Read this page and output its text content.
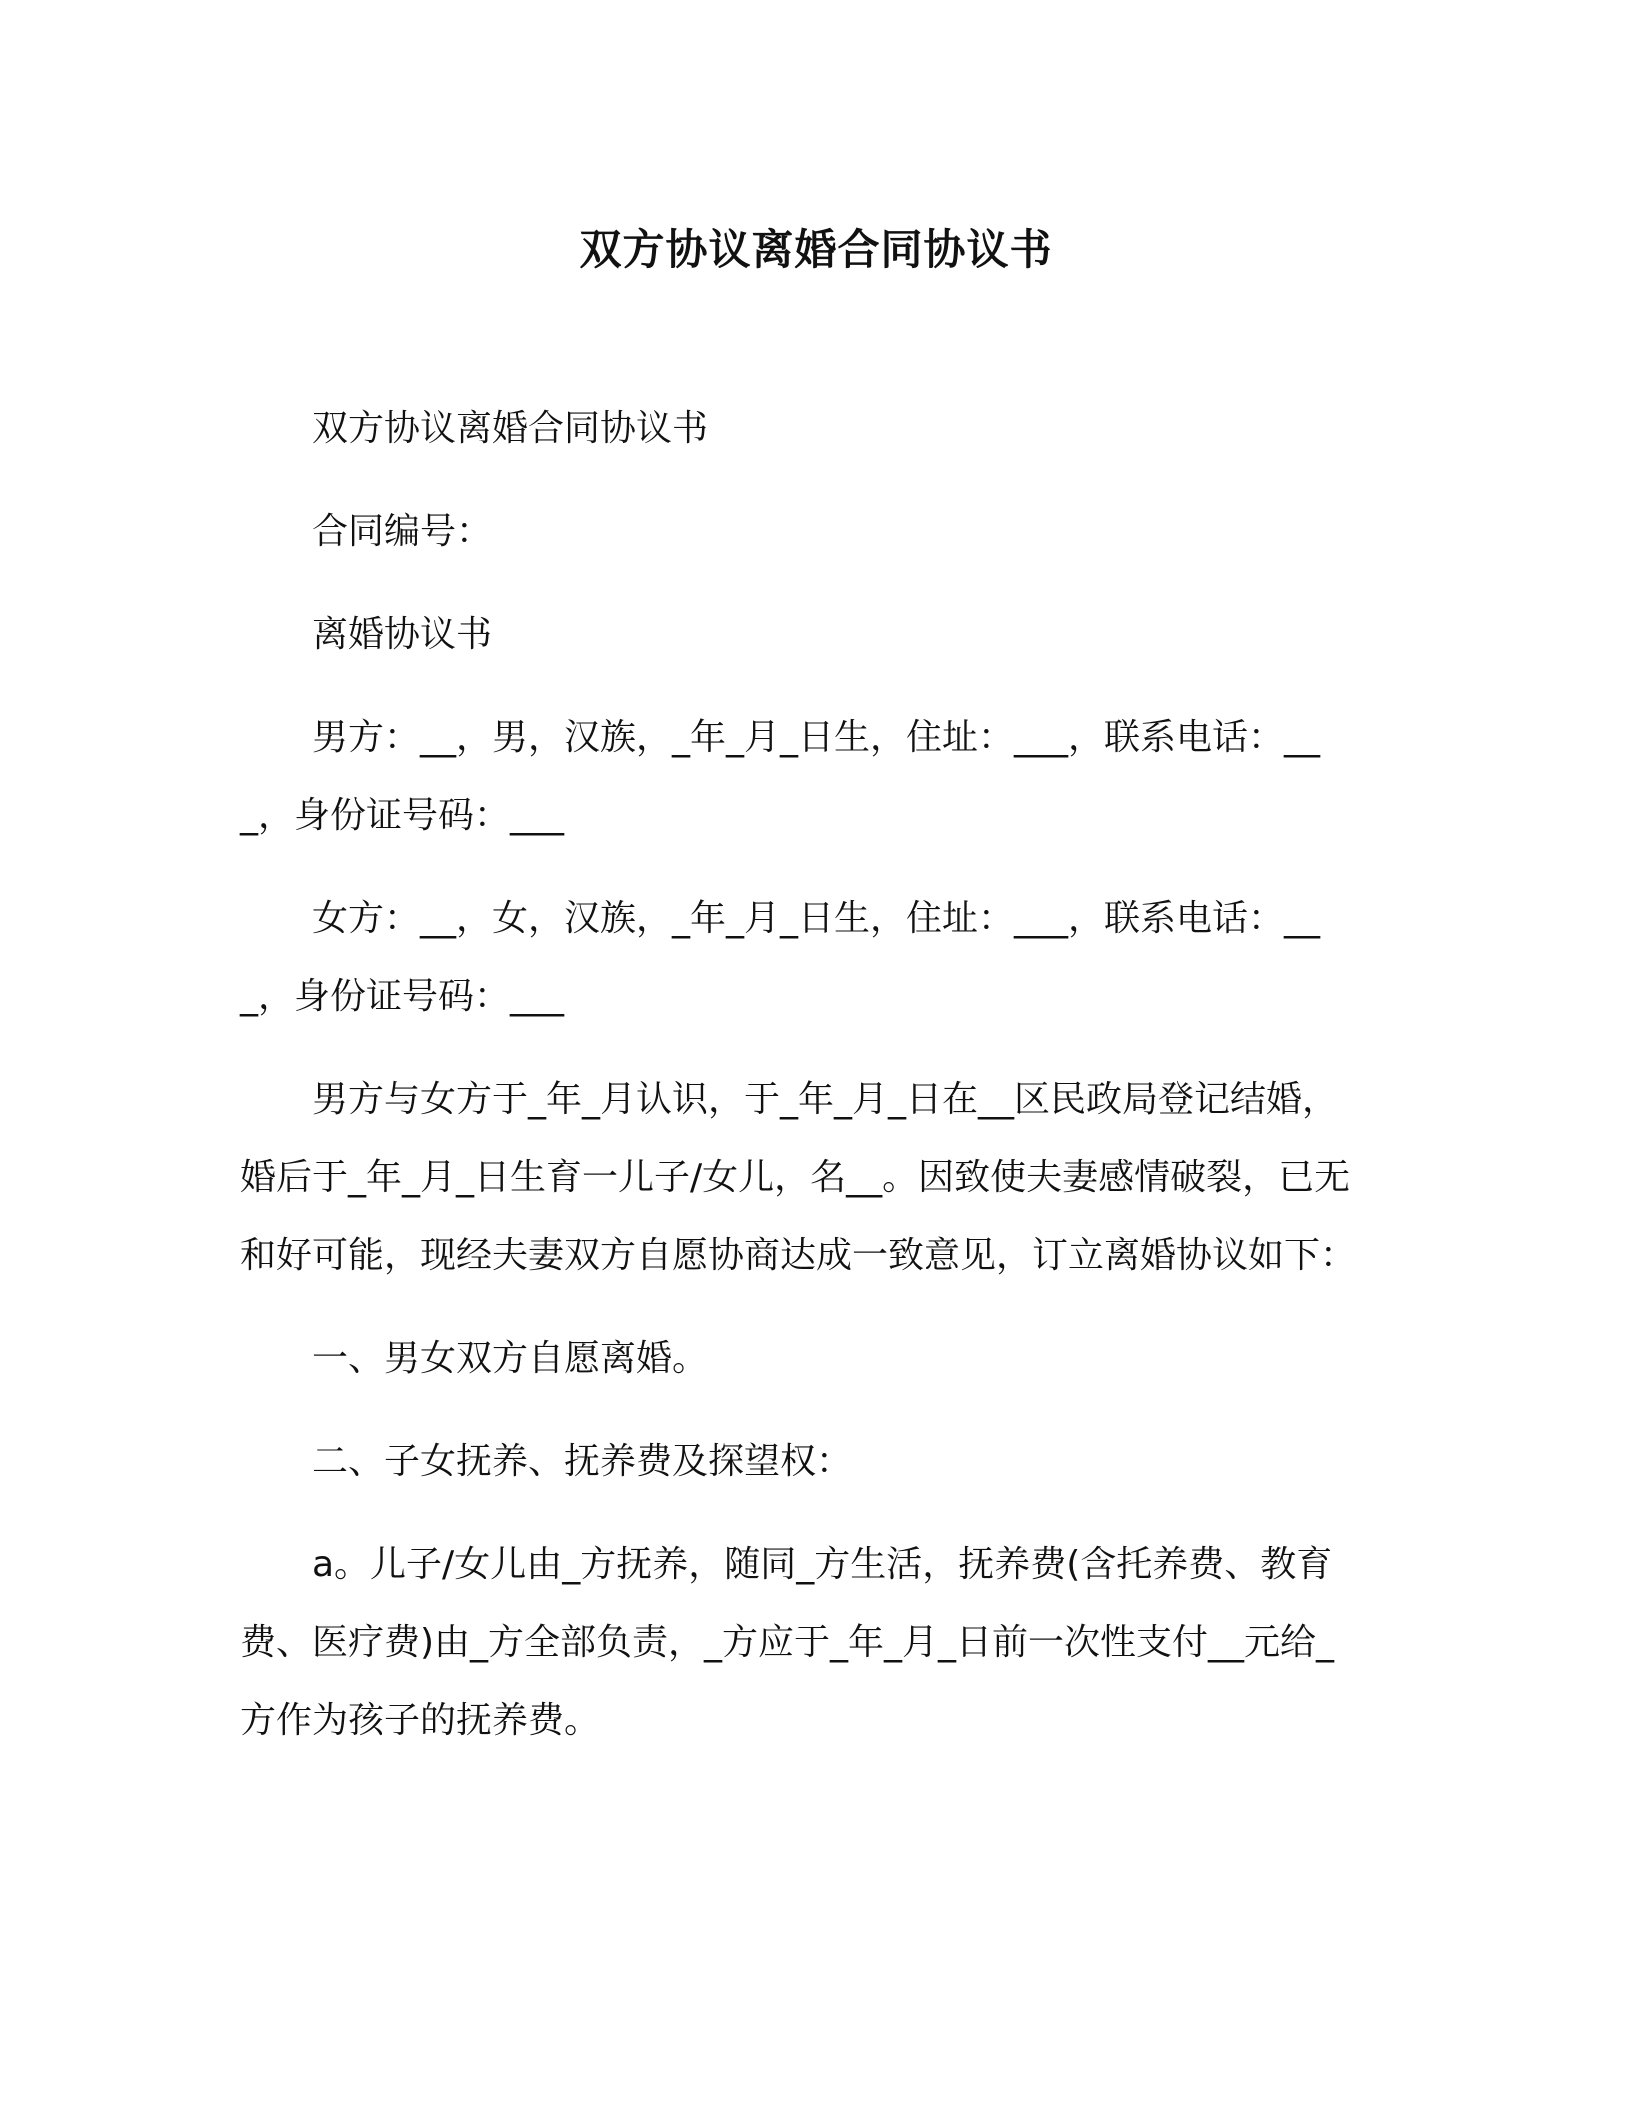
双方协议离婚合同协议书

双方协议离婚合同协议书

合同编号：

离婚协议书

男方：__，男，汉族，_年_月_日生，住址：___，联系电话：___，身份证号码：___

女方：__，女，汉族，_年_月_日生，住址：___，联系电话：___，身份证号码：___

男方与女方于_年_月认识，于_年_月_日在__区民政局登记结婚，婚后于_年_月_日生育一儿子/女儿，名__。因致使夫妻感情破裂，已无和好可能，现经夫妻双方自愿协商达成一致意见，订立离婚协议如下：

一、男女双方自愿离婚。

二、子女抚养、抚养费及探望权：

a。儿子/女儿由_方抚养，随同_方生活，抚养费(含托养费、教育费、医疗费)由_方全部负责，_方应于_年_月_日前一次性支付__元给_方作为孩子的抚养费。
